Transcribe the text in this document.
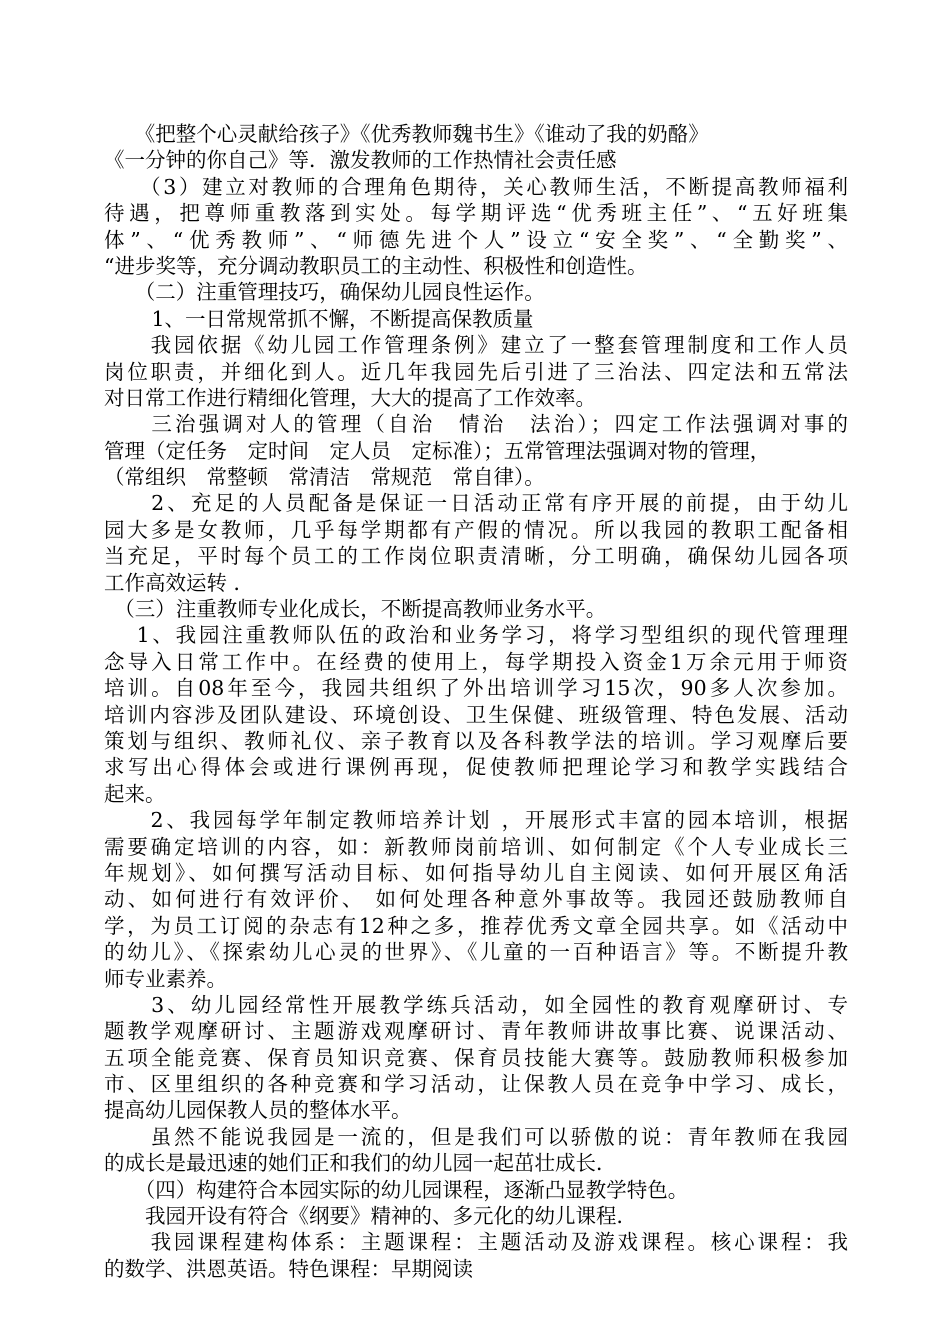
　　《把整个心灵献给孩子》《优秀教师魏书生》《谁动了我的奶酪》
《一分钟的你自己》等．激发教师的工作热情社会责任感
　　（3）建立对教师的合理角色期待，关心教师生活，不断提高教师福利
待遇，把尊师重教落到实处。每学期评选“优秀班主任”、“五好班集
体”、“优秀教师”、“师德先进个人”设立“安全奖”、“全勤奖”、
“进步奖等，充分调动教职员工的主动性、积极性和创造性。
　　（二）注重管理技巧，确保幼儿园良性运作。
　　 1、一日常规常抓不懈，不断提高保教质量
　　我园依据《幼儿园工作管理条例》建立了一整套管理制度和工作人员
岗位职责，并细化到人。近几年我园先后引进了三治法、四定法和五常法
对日常工作进行精细化管理，大大的提高了工作效率。
　　三治强调对人的管理（自治　情治　法治）；四定工作法强调对事的
管理（定任务　定时间　定人员　定标准）；五常管理法强调对物的管理，
（常组织　常整顿　常清洁　常规范　常自律）。
　　2、充足的人员配备是保证一日活动正常有序开展的前提，由于幼儿
园大多是女教师，几乎每学期都有产假的情况。所以我园的教职工配备相
当充足，平时每个员工的工作岗位职责清晰，分工明确，确保幼儿园各项
工作高效运转 ．
　（三）注重教师专业化成长，不断提高教师业务水平。
　 1、我园注重教师队伍的政治和业务学习，将学习型组织的现代管理理
念导入日常工作中。在经费的使用上，每学期投入资金1万余元用于师资
培训。自08年至今，我园共组织了外出培训学习15次，90多人次参加。
培训内容涉及团队建设、环境创设、卫生保健、班级管理、特色发展、活动
策划与组织、教师礼仪、亲子教育以及各科教学法的培训。学习观摩后要
求写出心得体会或进行课例再现，促使教师把理论学习和教学实践结合
起来。
　　2、我园每学年制定教师培养计划 ，开展形式丰富的园本培训，根据
需要确定培训的内容，如：新教师岗前培训、如何制定《个人专业成长三
年规划》、如何撰写活动目标、如何指导幼儿自主阅读、如何开展区角活
动、如何进行有效评价、 如何处理各种意外事故等。我园还鼓励教师自
学，为员工订阅的杂志有12种之多，推荐优秀文章全园共享。如《活动中
的幼儿》、《探索幼儿心灵的世界》、《儿童的一百种语言》等。不断提升教
师专业素养。
　　3、幼儿园经常性开展教学练兵活动，如全园性的教育观摩研讨、专
题教学观摩研讨、主题游戏观摩研讨、青年教师讲故事比赛、说课活动、
五项全能竞赛、保育员知识竞赛、保育员技能大赛等。鼓励教师积极参加
市、区里组织的各种竞赛和学习活动，让保教人员在竞争中学习、成长，
提高幼儿园保教人员的整体水平。
　　虽然不能说我园是一流的，但是我们可以骄傲的说：青年教师在我园
的成长是最迅速的她们正和我们的幼儿园一起茁壮成长．
　　（四）构建符合本园实际的幼儿园课程，逐渐凸显教学特色。
　　我园开设有符合《纲要》精神的、多元化的幼儿课程．
　　我园课程建构体系：主题课程：主题活动及游戏课程。核心课程：我
的数学、洪恩英语。特色课程：早期阅读
